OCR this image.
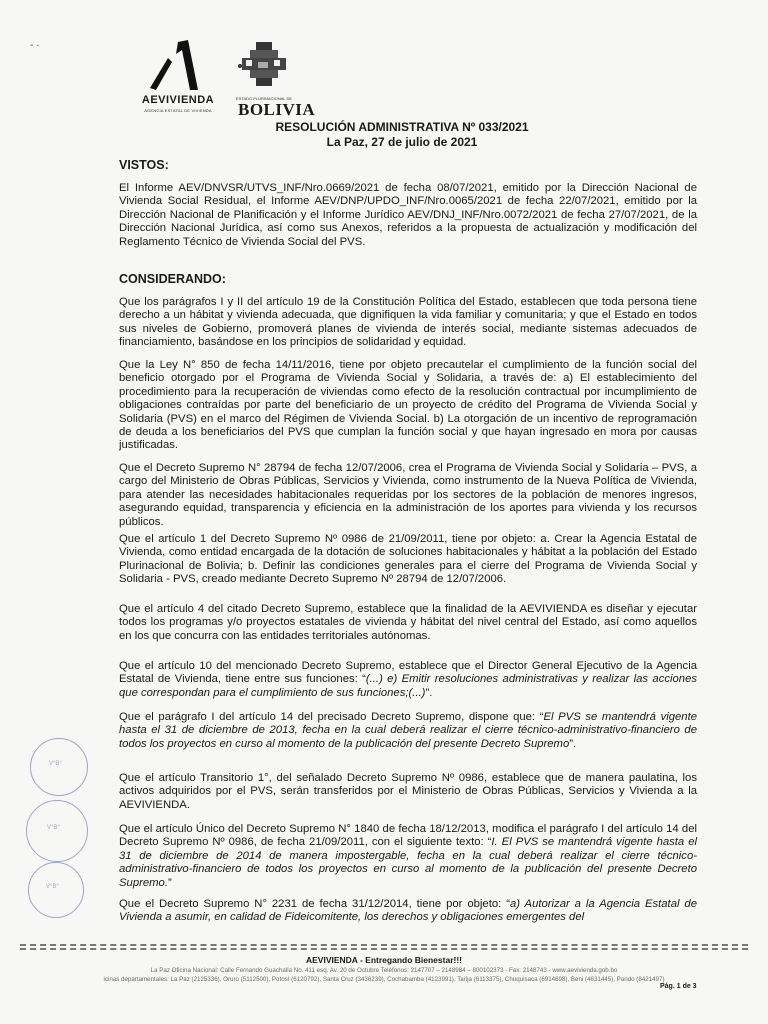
- ·
AEVIVIENDA
AGENCIA ESTATAL DE VIVIENDA
ESTADO PLURINACIONAL DE
BOLIVIA
RESOLUCIÓN ADMINISTRATIVA Nº 033/2021
La Paz, 27 de julio de 2021
VISTOS:

El Informe AEV/DNVSR/UTVS_INF/Nro.0669/2021 de fecha 08/07/2021, emitido por la Dirección Nacional de Vivienda Social Residual, el Informe AEV/DNP/UPDO_INF/Nro.0065/2021 de fecha 22/07/2021, emitido por la Dirección Nacional de Planificación y el Informe Jurídico AEV/DNJ_INF/Nro.0072/2021 de fecha 27/07/2021, de la Dirección Nacional Jurídica, así como sus Anexos, referidos a la propuesta de actualización y modificación del Reglamento Técnico de Vivienda Social del PVS.

CONSIDERANDO:

Que los parágrafos I y II del artículo 19 de la Constitución Política del Estado, establecen que toda persona tiene derecho a un hábitat y vivienda adecuada, que dignifiquen la vida familiar y comunitaria; y que el Estado en todos sus niveles de Gobierno, promoverá planes de vivienda de interés social, mediante sistemas adecuados de financiamiento, basándose en los principios de solidaridad y equidad.

Que la Ley N° 850 de fecha 14/11/2016, tiene por objeto precautelar el cumplimiento de la función social del beneficio otorgado por el Programa de Vivienda Social y Solidaria, a través de: a) El establecimiento del procedimiento para la recuperación de viviendas como efecto de la resolución contractual por incumplimiento de obligaciones contraídas por parte del beneficiario de un proyecto de crédito del Programa de Vivienda Social y Solidaria (PVS) en el marco del Régimen de Vivienda Social. b) La otorgación de un incentivo de reprogramación de deuda a los beneficiarios del PVS que cumplan la función social y que hayan ingresado en mora por causas justificadas.

Que el Decreto Supremo N° 28794 de fecha 12/07/2006, crea el Programa de Vivienda Social y Solidaria – PVS, a cargo del Ministerio de Obras Públicas, Servicios y Vivienda, como instrumento de la Nueva Política de Vivienda, para atender las necesidades habitacionales requeridas por los sectores de la población de menores ingresos, asegurando equidad, transparencia y eficiencia en la administración de los aportes para vivienda y los recursos públicos.

Que el artículo 1 del Decreto Supremo Nº 0986 de 21/09/2011, tiene por objeto: a. Crear la Agencia Estatal de Vivienda, como entidad encargada de la dotación de soluciones habitacionales y hábitat a la población del Estado Plurinacional de Bolivia; b. Definir las condiciones generales para el cierre del Programa de Vivienda Social y Solidaria - PVS, creado mediante Decreto Supremo Nº 28794 de 12/07/2006.

Que el artículo 4 del citado Decreto Supremo, establece que la finalidad de la AEVIVIENDA es diseñar y ejecutar todos los programas y/o proyectos estatales de vivienda y hábitat del nivel central del Estado, así como aquellos en los que concurra con las entidades territoriales autónomas.

Que el artículo 10 del mencionado Decreto Supremo, establece que el Director General Ejecutivo de la Agencia Estatal de Vivienda, tiene entre sus funciones: “(...) e) Emitir resoluciones administrativas y realizar las acciones que correspondan para el cumplimiento de sus funciones;(...)”.

Que el parágrafo I del artículo 14 del precisado Decreto Supremo, dispone que: “El PVS se mantendrá vigente hasta el 31 de diciembre de 2013, fecha en la cual deberá realizar el cierre técnico-administrativo-financiero de todos los proyectos en curso al momento de la publicación del presente Decreto Supremo”.

Que el artículo Transitorio 1°, del señalado Decreto Supremo Nº 0986, establece que de manera paulatina, los activos adquiridos por el PVS, serán transferidos por el Ministerio de Obras Públicas, Servicios y Vivienda a la AEVIVIENDA.

Que el artículo Único del Decreto Supremo N° 1840 de fecha 18/12/2013, modifica el parágrafo I del artículo 14 del Decreto Supremo Nº 0986, de fecha 21/09/2011, con el siguiente texto: “I. El PVS se mantendrá vigente hasta el 31 de diciembre de 2014 de manera impostergable, fecha en la cual deberá realizar el cierre técnico-administrativo-financiero de todos los proyectos en curso al momento de la publicación del presente Decreto Supremo.”

Que el Decreto Supremo N° 2231 de fecha 31/12/2014, tiene por objeto: “a) Autorizar a la Agencia Estatal de Vivienda a asumir, en calidad de Fideicomitente, los derechos y obligaciones emergentes del

V°B°
V°B°
V°B°
AEVIVIENDA - Entregando Bienestar!!!
La Paz Oficina Nacional: Calle Fernando Guachalla No. 411 esq. Av. 20 de Octubre Teléfonos: 2147707 – 2148984 – 800102373 - Fax: 2148743 - www.aevivienda.gob.bo
icinas departamentales: La Paz (2125336), Oruro (5112500), Potosí (6120792), Santa Cruz (3436239), Cochabamba (4123991), Tarija (6113375), Chuquisaca (6914698), Beni (4631445), Pando (8421497)
Pág. 1 de 3
